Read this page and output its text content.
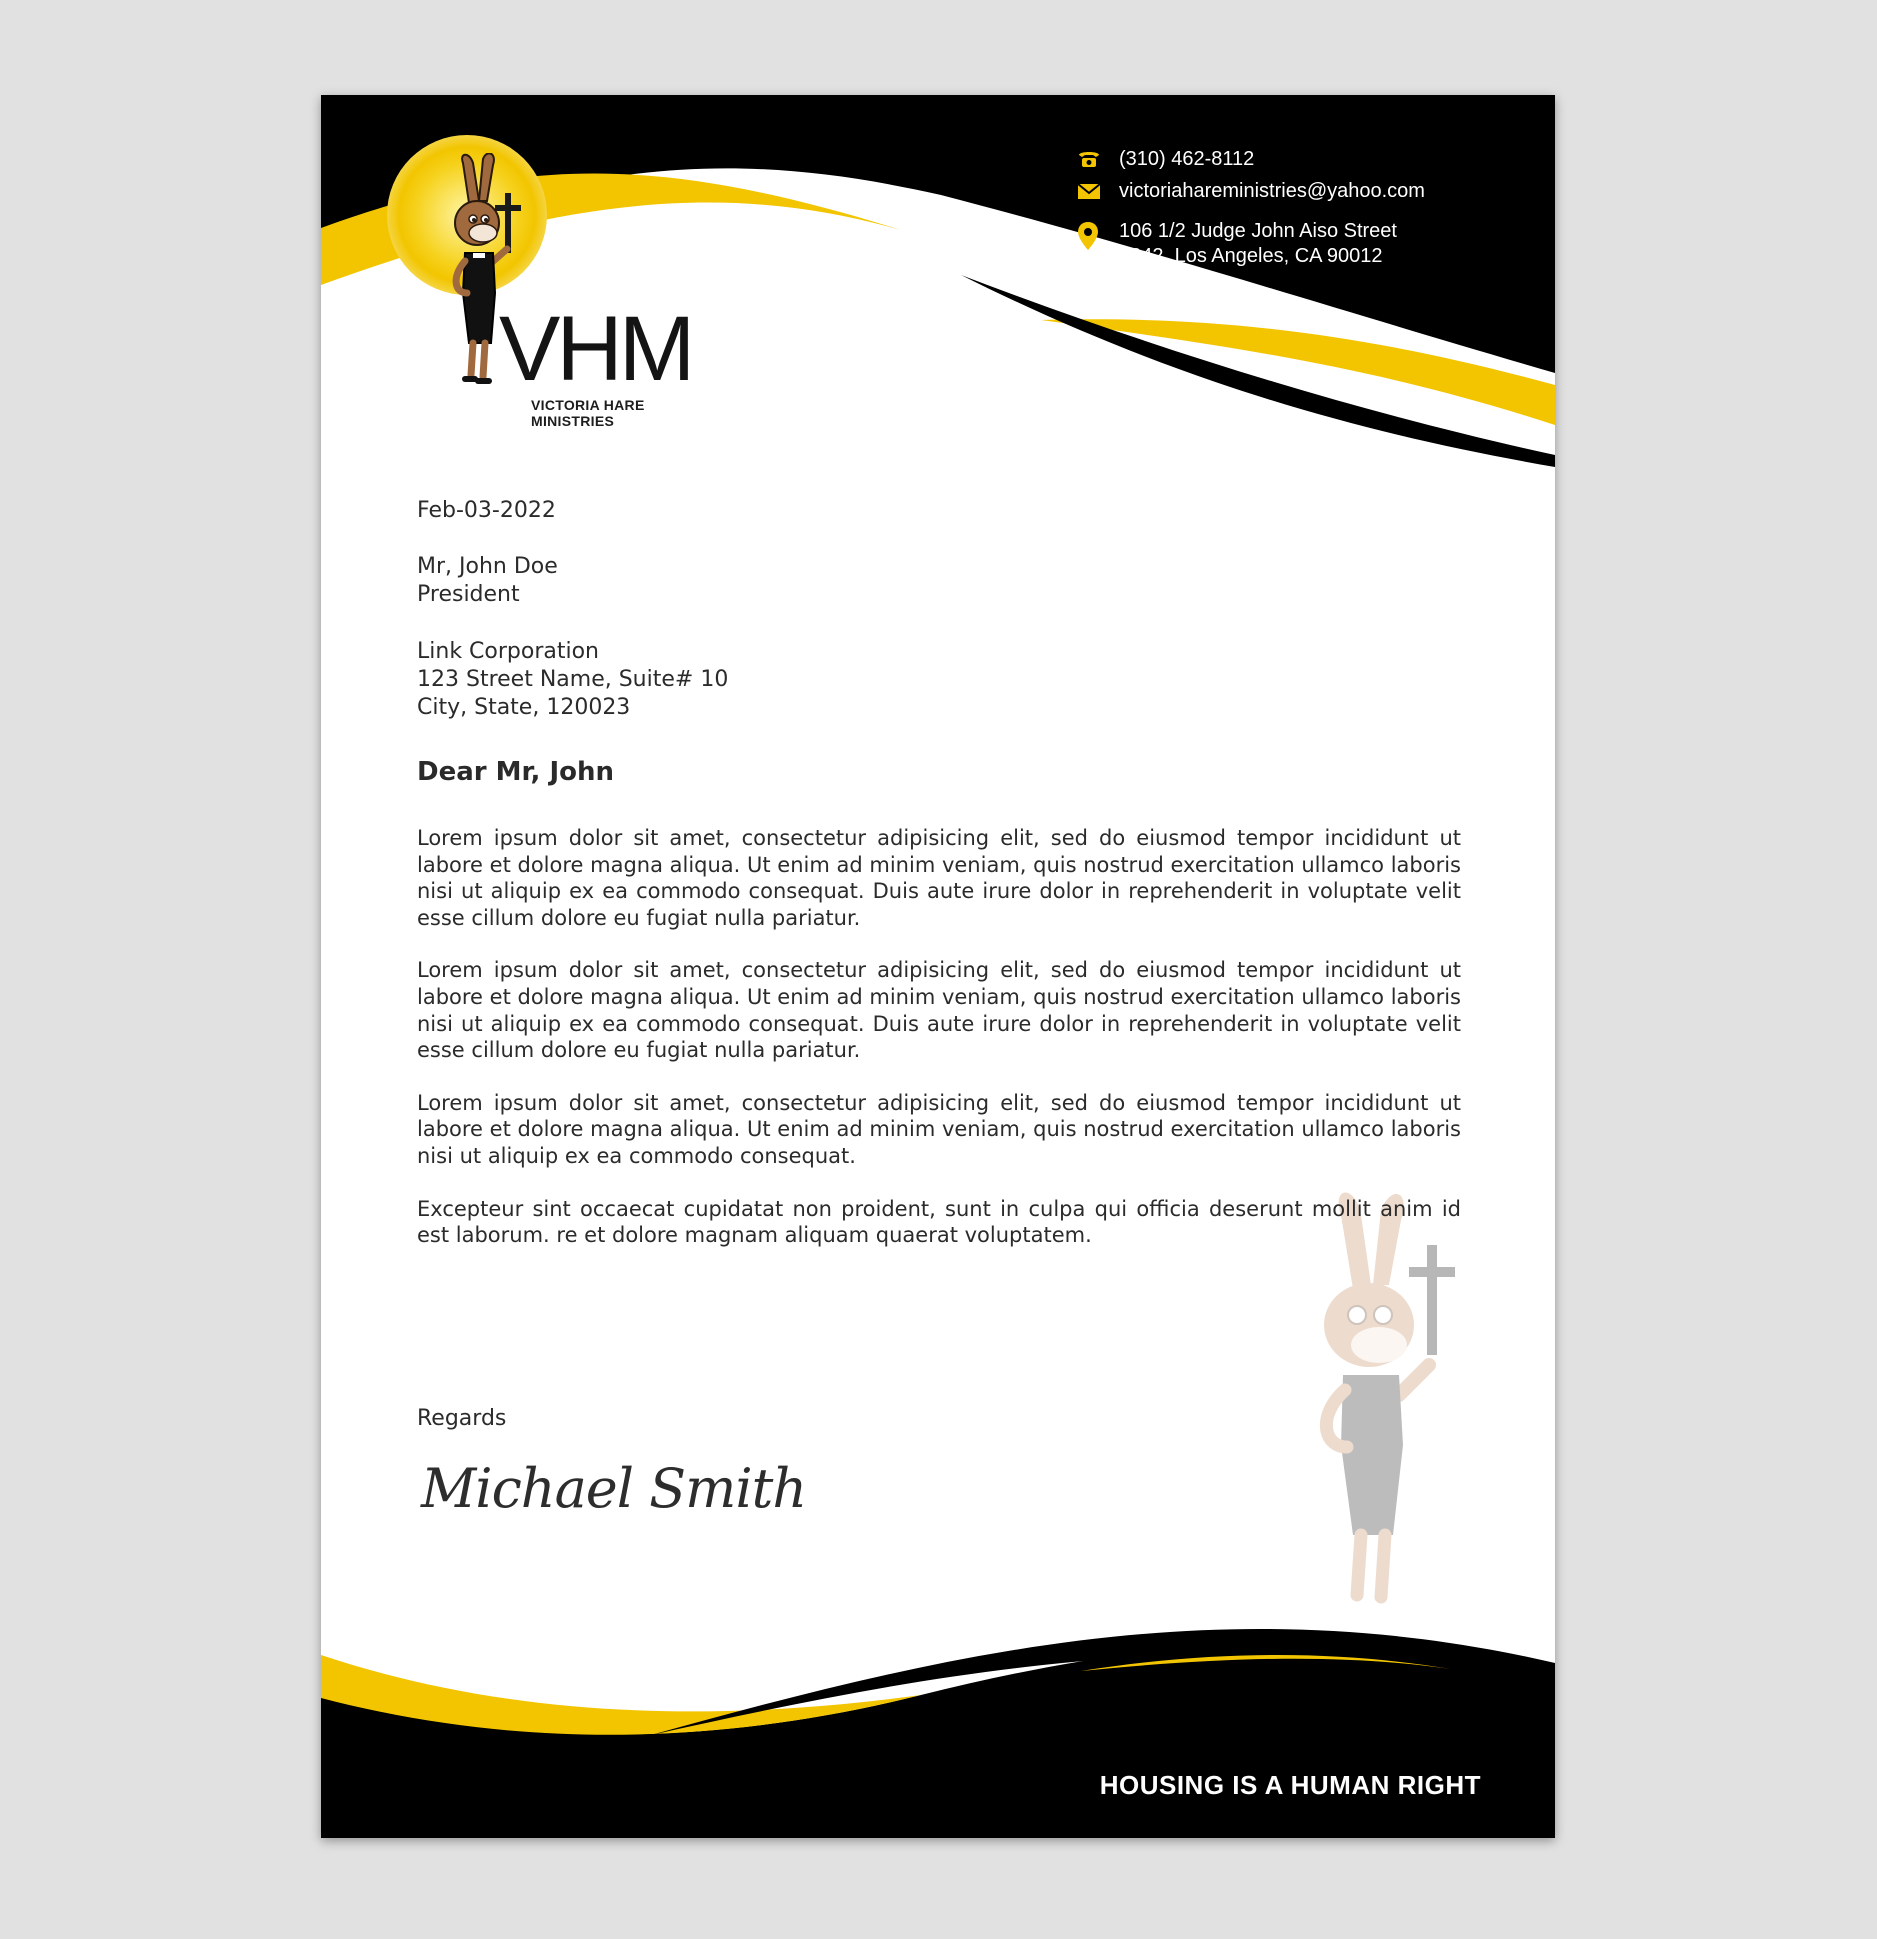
VHM
VICTORIA HARE MINISTRIES
(310) 462-8112
victoriahareministries@yahoo.com
106 1/2 Judge John Aiso Street
#242, Los Angeles, CA 90012

Feb-03-2022

Mr, John Doe

President

Link Corporation

123 Street Name, Suite# 10

City, State, 120023

Dear Mr, John

Lorem ipsum dolor sit amet, consectetur adipisicing elit, sed do eiusmod tempor incididunt ut labore et dolore magna aliqua. Ut enim ad minim veniam, quis nostrud exercitation ullamco laboris nisi ut aliquip ex ea commodo consequat. Duis aute irure dolor in reprehenderit in voluptate velit esse cillum dolore eu fugiat nulla pariatur.

Lorem ipsum dolor sit amet, consectetur adipisicing elit, sed do eiusmod tempor incididunt ut labore et dolore magna aliqua. Ut enim ad minim veniam, quis nostrud exercitation ullamco laboris nisi ut aliquip ex ea commodo consequat. Duis aute irure dolor in reprehenderit in voluptate velit esse cillum dolore eu fugiat nulla pariatur.

Lorem ipsum dolor sit amet, consectetur adipisicing elit, sed do eiusmod tempor incididunt ut labore et dolore magna aliqua. Ut enim ad minim veniam, quis nostrud exercitation ullamco laboris nisi ut aliquip ex ea commodo consequat.

Excepteur sint occaecat cupidatat non proident, sunt in culpa qui officia deserunt mollit anim id est laborum. re et dolore magnam aliquam quaerat voluptatem.

Regards

Michael Smith
HOUSING IS A HUMAN RIGHT
